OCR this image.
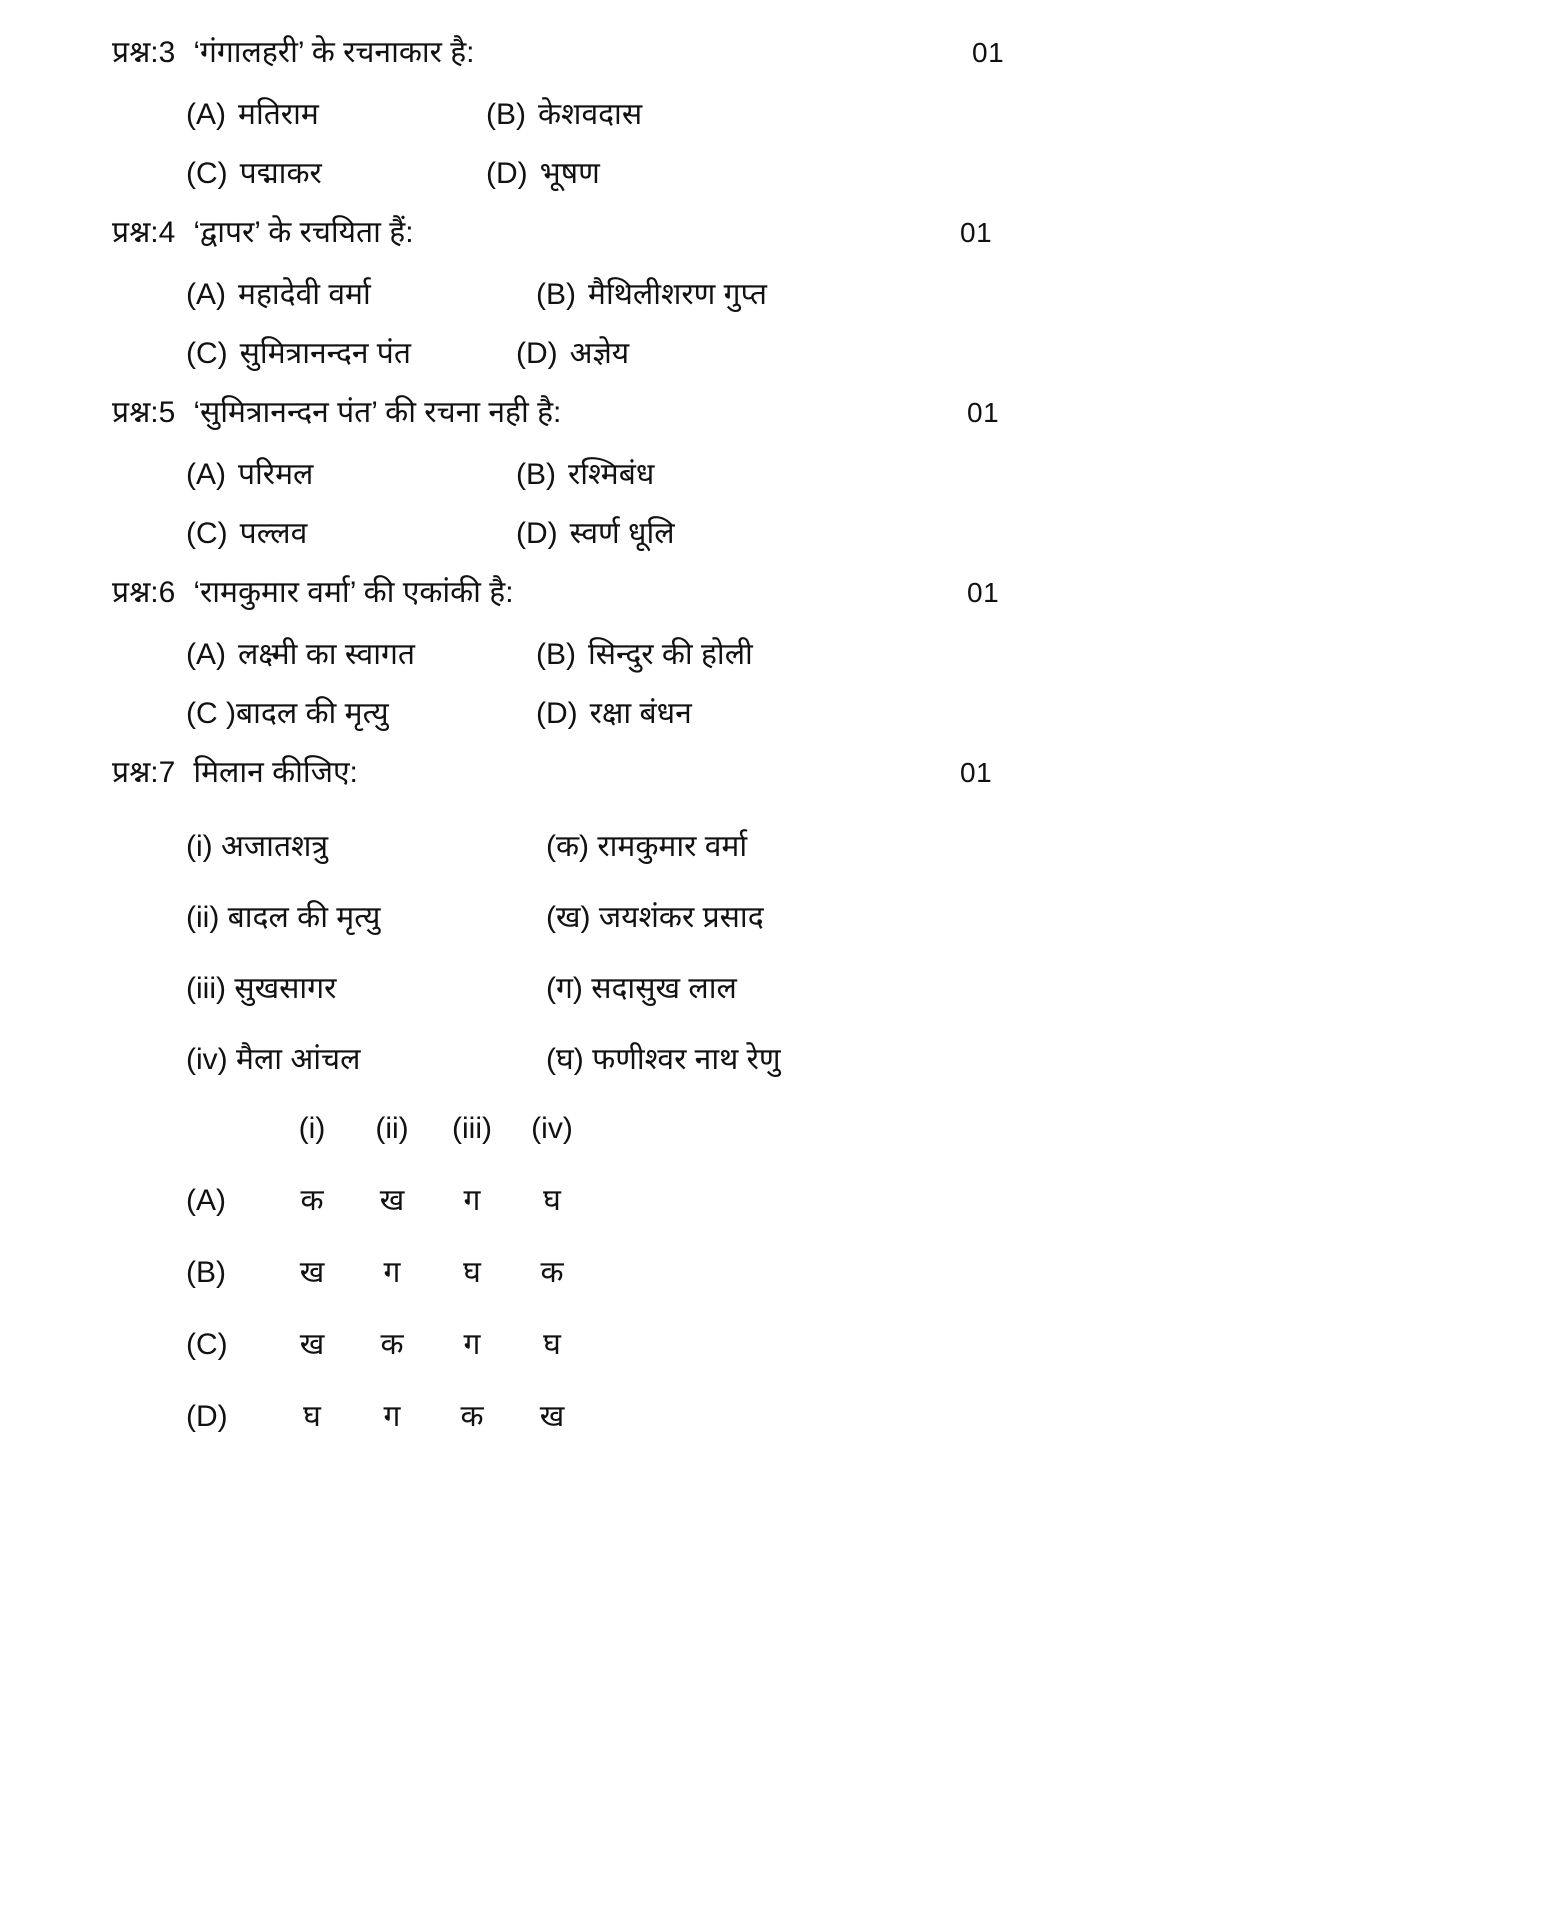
प्रश्न:3 ‘गंगालहरी’ के रचनाकार है:	01
(A) मतिराम	(B) केशवदास
(C) पद्माकर	(D) भूषण
प्रश्न:4 ‘द्वापर’ के रचयिता हैं:	01
(A) महादेवी वर्मा	(B) मैथिलीशरण गुप्त
(C) सुमित्रानन्दन पंत	(D) अज्ञेय
प्रश्न:5 ‘सुमित्रानन्दन पंत’ की रचना नही है:	01
(A) परिमल	(B) रश्मिबंध
(C) पल्लव	(D) स्वर्ण धूलि
प्रश्न:6 ‘रामकुमार वर्मा’ की एकांकी है:	01
(A) लक्ष्मी का स्वागत	(B) सिन्दुर की होली
(C ) बादल की मृत्यु	(D) रक्षा बंधन
प्रश्न:7 मिलान कीजिए:	01
(i) अजातशत्रु	(क) रामकुमार वर्मा
(ii) बादल की मृत्यु	(ख) जयशंकर प्रसाद
(iii) सुखसागर	(ग) सदासुख लाल
(iv) मैला आंचल	(घ) फणीश्वर नाथ रेणु
(i)	(ii)	(iii)	(iv)
(A)	क	ख	ग	घ
(B)	ख	ग	घ	क
(C)	ख	क	ग	घ
(D)	घ	ग	क	ख
